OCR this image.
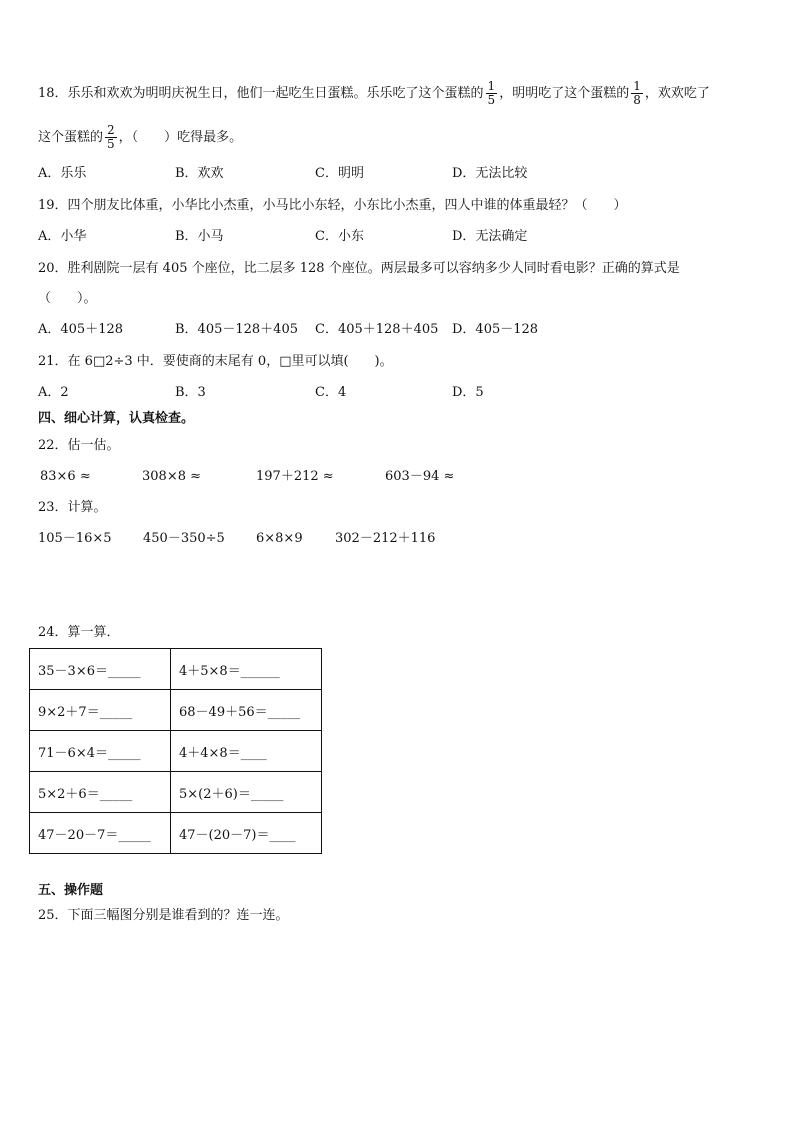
18．乐乐和欢欢为明明庆祝生日，他们一起吃生日蛋糕。乐乐吃了这个蛋糕的 $\frac{1}{5}$ ，明明吃了这个蛋糕的 $\frac{1}{8}$ ，欢欢吃了
这个蛋糕的 $\frac{2}{5}$ ，（　　）吃得最多。
A．乐乐	B．欢欢	C．明明	D．无法比较
19．四个朋友比体重，小华比小杰重，小马比小东轻，小东比小杰重，四人中谁的体重最轻？（　　）
A．小华	B．小马	C．小东	D．无法确定
20．胜利剧院一层有 405 个座位，比二层多 128 个座位。两层最多可以容纳多少人同时看电影？正确的算式是
（　　）。
A．405＋128	B．405－128＋405 C．405＋128＋405 D．405－128
21．在 6□2÷3 中．要使商的末尾有 0，□里可以填(　　)。
A．2	B．3	C．4	D．5
四、细心计算，认真检查。
22．估一估。
83×6 ≈	308×8 ≈	197＋212 ≈	603－94 ≈
23．计算。
105－16×5 450－350÷5 6×8×9 302－212＋116
24．算一算．
35－3×6＝_____	4＋5×8＝______
9×2＋7＝_____	68－49＋56＝_____
71－6×4＝_____	4＋4×8＝____
5×2＋6＝_____	5×(2＋6)＝_____
47－20－7＝_____	47－(20－7)＝____
五、操作题
25．下面三幅图分别是谁看到的？连一连。
